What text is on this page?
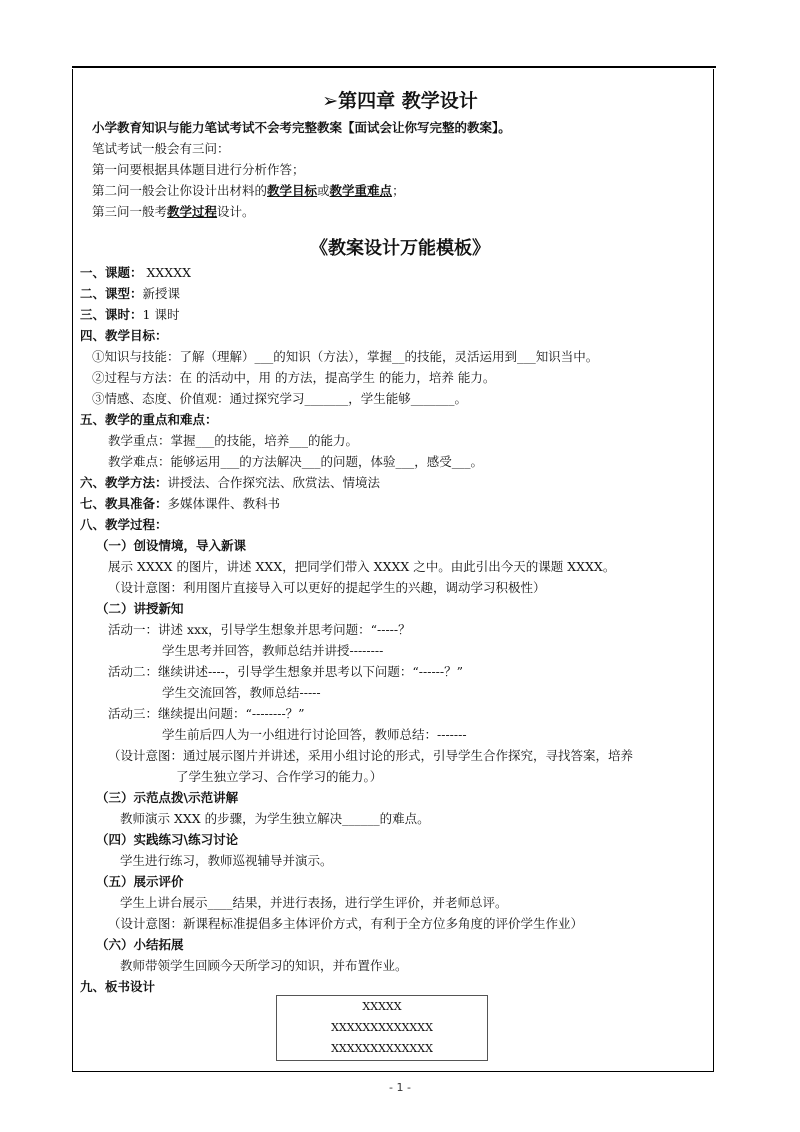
➢第四章 教学设计
小学教育知识与能力笔试考试不会考完整教案【面试会让你写完整的教案】。
笔试考试一般会有三问：
第一问要根据具体题目进行分析作答；
第二问一般会让你设计出材料的教学目标或教学重难点；
第三问一般考教学过程设计。
《教案设计万能模板》
一、课题： XXXXX
二、课型：新授课
三、课时：1 课时
四、教学目标：
①知识与技能：了解（理解）___的知识（方法），掌握__的技能，灵活运用到___知识当中。
②过程与方法：在 的活动中，用 的方法，提高学生 的能力，培养 能力。
③情感、态度、价值观：通过探究学习_______，学生能够_______。
五、教学的重点和难点：
教学重点：掌握___的技能，培养___的能力。
教学难点：能够运用___的方法解决___的问题，体验___，感受___。
六、教学方法：讲授法、合作探究法、欣赏法、情境法
七、教具准备：多媒体课件、教科书
八、教学过程：
（一）创设情境，导入新课
展示 XXXX 的图片，讲述 XXX，把同学们带入 XXXX 之中。由此引出今天的课题 XXXX。
（设计意图：利用图片直接导入可以更好的提起学生的兴趣，调动学习积极性）
（二）讲授新知
活动一：讲述 xxx，引导学生想象并思考问题：“-----？
学生思考并回答，教师总结并讲授--------
活动二：继续讲述----，引导学生想象并思考以下问题：“------？”
学生交流回答，教师总结-----
活动三：继续提出问题：“--------？”
学生前后四人为一小组进行讨论回答，教师总结：-------
（设计意图：通过展示图片并讲述，采用小组讨论的形式，引导学生合作探究，寻找答案，培养
了学生独立学习、合作学习的能力。）
（三）示范点拨\示范讲解
教师演示 XXX 的步骤，为学生独立解决______的难点。
（四）实践练习\练习讨论
学生进行练习，教师巡视辅导并演示。
（五）展示评价
学生上讲台展示____结果，并进行表扬，进行学生评价，并老师总评。
（设计意图：新课程标准提倡多主体评价方式，有利于全方位多角度的评价学生作业）
（六）小结拓展
教师带领学生回顾今天所学习的知识，并布置作业。
九、板书设计
XXXXX
XXXXXXXXXXXXX
XXXXXXXXXXXXX
- 1 -
